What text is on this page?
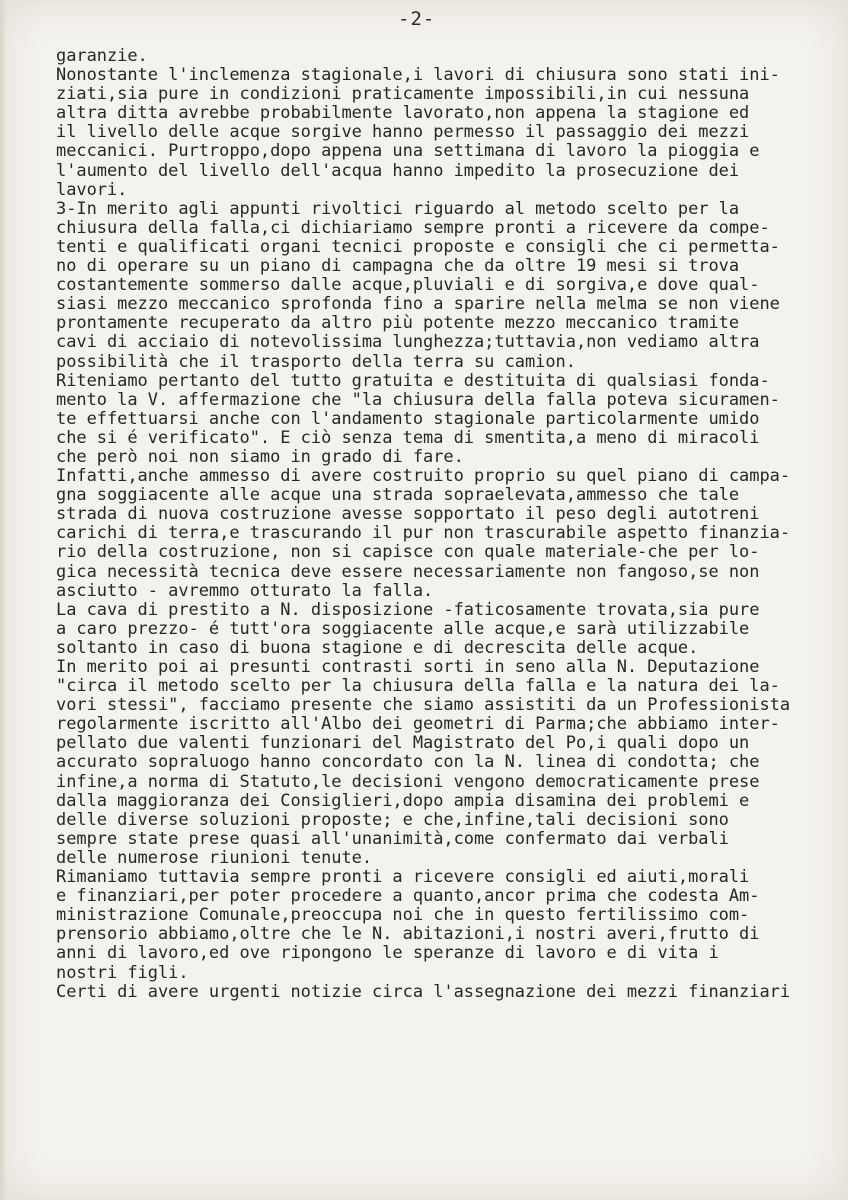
-2-
garanzie.
Nonostante l'inclemenza stagionale,i lavori di chiusura sono stati ini-
ziati,sia pure in condizioni praticamente impossibili,in cui nessuna
altra ditta avrebbe probabilmente lavorato,non appena la stagione ed
il livello delle acque sorgive hanno permesso il passaggio dei mezzi
meccanici. Purtroppo,dopo appena una settimana di lavoro la pioggia e
l'aumento del livello dell'acqua hanno impedito la prosecuzione dei
lavori.
3-In merito agli appunti rivoltici riguardo al metodo scelto per la
chiusura della falla,ci dichiariamo sempre pronti a ricevere da compe-
tenti e qualificati organi tecnici proposte e consigli che ci permetta-
no di operare su un piano di campagna che da oltre 19 mesi si trova
costantemente sommerso dalle acque,pluviali e di sorgiva,e dove qual-
siasi mezzo meccanico sprofonda fino a sparire nella melma se non viene
prontamente recuperato da altro più potente mezzo meccanico tramite
cavi di acciaio di notevolissima lunghezza;tuttavia,non vediamo altra
possibilità che il trasporto della terra su camion.
Riteniamo pertanto del tutto gratuita e destituita di qualsiasi fonda-
mento la V. affermazione che "la chiusura della falla poteva sicuramen-
te effettuarsi anche con l'andamento stagionale particolarmente umido
che si é verificato". E ciò senza tema di smentita,a meno di miracoli
che però noi non siamo in grado di fare.
Infatti,anche ammesso di avere costruito proprio su quel piano di campa-
gna soggiacente alle acque una strada sopraelevata,ammesso che tale
strada di nuova costruzione avesse sopportato il peso degli autotreni
carichi di terra,e trascurando il pur non trascurabile aspetto finanzia-
rio della costruzione, non si capisce con quale materiale-che per lo-
gica necessità tecnica deve essere necessariamente non fangoso,se non
asciutto - avremmo otturato la falla.
La cava di prestito a N. disposizione -faticosamente trovata,sia pure
a caro prezzo- é tutt'ora soggiacente alle acque,e sarà utilizzabile
soltanto in caso di buona stagione e di decrescita delle acque.
In merito poi ai presunti contrasti sorti in seno alla N. Deputazione
"circa il metodo scelto per la chiusura della falla e la natura dei la-
vori stessi", facciamo presente che siamo assistiti da un Professionista
regolarmente iscritto all'Albo dei geometri di Parma;che abbiamo inter-
pellato due valenti funzionari del Magistrato del Po,i quali dopo un
accurato sopraluogo hanno concordato con la N. linea di condotta; che
infine,a norma di Statuto,le decisioni vengono democraticamente prese
dalla maggioranza dei Consiglieri,dopo ampia disamina dei problemi e
delle diverse soluzioni proposte; e che,infine,tali decisioni sono
sempre state prese quasi all'unanimità,come confermato dai verbali
delle numerose riunioni tenute.
Rimaniamo tuttavia sempre pronti a ricevere consigli ed aiuti,morali
e finanziari,per poter procedere a quanto,ancor prima che codesta Am-
ministrazione Comunale,preoccupa noi che in questo fertilissimo com-
prensorio abbiamo,oltre che le N. abitazioni,i nostri averi,frutto di
anni di lavoro,ed ove ripongono le speranze di lavoro e di vita i
nostri figli.
Certi di avere urgenti notizie circa l'assegnazione dei mezzi finanziari
